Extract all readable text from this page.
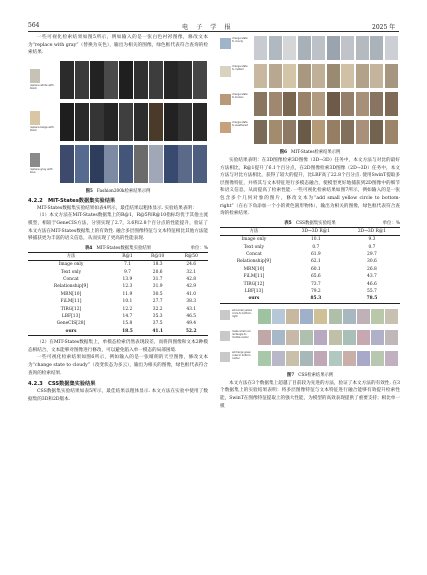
564	电 子 学 报	2025 年

一些可视化检索结果如图5所示，例如输入的是一张白色衬衫图像，修改文本为“replace with gray”（替换为灰色），输出为相关的图像，绿色框代表符合查询的检索结果.

replace white with black
replace beige with black
replace gray with blue
图5 Fashion200k检索结果示例
4.2.2　MIT-States数据集实验结果

MIT-States数据集实验结果如表4所示，最佳结果以粗体显示. 实验结果表明：

（1）本文方法在MIT-States数据集上的R@1，R@5和R@10指标均优于其他主流模型，相较于GeneCIS方法，分别实现了2.7，3.6和2.8个百分点的性能提升，验证了本文方法在MIT-States数据集上的有效性. 融合多层图像特征与文本特征相比其他方法能够捕获更为丰富的语义信息，从而实现了更高的性能表现.

表4 MIT-States数据集实验结果	单位：%
方法	R@1	R@10	R@50
Image only	7.1	18.3	24.6
Text only	9.7	20.6	32.1
Concat	13.9	31.7	42.8
Relationship[9]	12.3	31.9	42.9
MRN[10]	11.9	30.5	41.0
FiLM[11]	10.1	27.7	38.3
TIRG[12]	12.2	32.2	43.1
LBF[13]	14.7	35.3	46.5
GeneCIS[28]	15.8	37.5	49.4
ours	18.5	41.1	52.2

（2）在MIT-States数据集上，单模态检索仍然表现较差，而将四图像和文本2种模态相结合，文本能够对图像进行修改，可以避免陷入单一模态的局部困境.

一些可视化检索结果如图6所示，例如输入的是一张晴朗的天空图像，修改文本为“change state to cloudy”（改变状态为多云），输出为相关的图像，绿色框代表符合查询的检索结果.

4.2.3　CSS数据集实验结果

CSS数据集实验结果如表5所示，最佳结果以粗体显示. 本文方法在实验中使用了数据集的3D和2D版本.

change state to cloudy
change state to melted
change state to broken
change state to weathered
图6 MIT-States检索结果示例

实验结果表明：在3D图像检索3D图像（3D→3D）任务中，本文方法与对比的最好方法相比，R@1提升了6.1个百分点，在2D图像检索3D图像（2D→3D）任务中，本文方法与对比方法相比，获得了较大的提升，比LBF高了22.8个百分点. 使用SwinT提取多层图像特征，并将其与文本特征进行多模态融合，使模型更好地捕获到2D图像中的细节和语义信息，从而提高了检索性能. 一些可视化检索结果如图7所示，例如输入的是一张包含多个几何对象的图片，修改文本为“add small yellow circle to bottom-right”（在右下角添加一个小的黄色圆形物体），输出为相关的图像，绿色框代表符合查询的检索结果.

表5 CSS数据集实验结果	单位：%
方法	3D→3D R@1	2D→3D R@1
Image only	10.1	9.3
Text only	0.7	0.7
Concat	61.9	29.7
Relationship[9]	62.1	30.6
MRN[10]	60.1	26.8
FiLM[11]	65.6	43.7
TIRG[12]	73.7	46.6
LBF[13]	79.2	55.7
ours	85.3	78.5
add small yellow circle to bottom-right
make small red rectangle to middle-center
add large green cube to bottom-center
图7 CSS检索结果示例

本文方法在3个数据集上超越了目前较为先进的方法，验证了本文方法的有效性. 在3个数据集上的实验结果表明：将多层图像特征与文本特征进行融合能够有效提升检索性能，SwinT在图像特征提取上的强大性能，为模型的高效表现提供了重要支持；相比单一模
